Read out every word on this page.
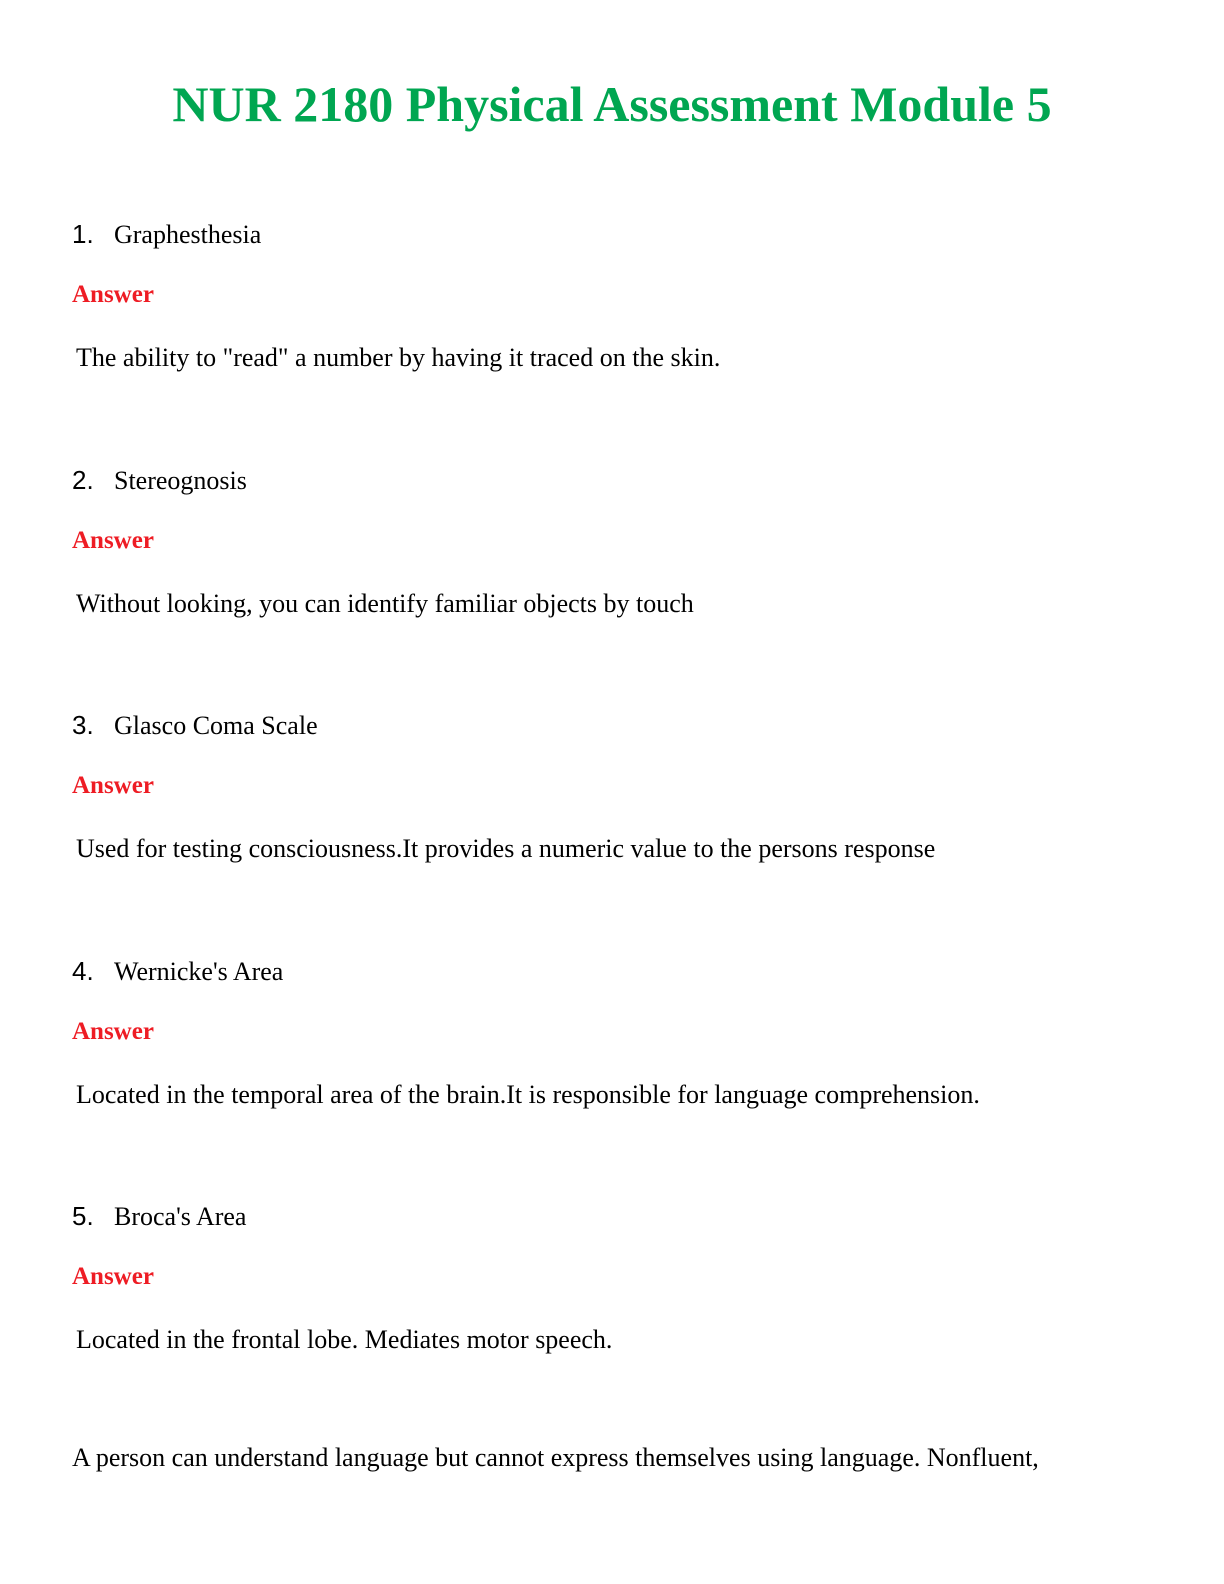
NUR 2180 Physical Assessment Module 5
1. Graphesthesia
Answer
The ability to "read" a number by having it traced on the skin.
2. Stereognosis
Answer
Without looking, you can identify familiar objects by touch
3. Glasco Coma Scale
Answer
Used for testing consciousness.It provides a numeric value to the persons response
4. Wernicke's Area
Answer
Located in the temporal area of the brain.It is responsible for language comprehension.
5. Broca's Area
Answer
Located in the frontal lobe. Mediates motor speech.
A person can understand language but cannot express themselves using language. Nonfluent,
